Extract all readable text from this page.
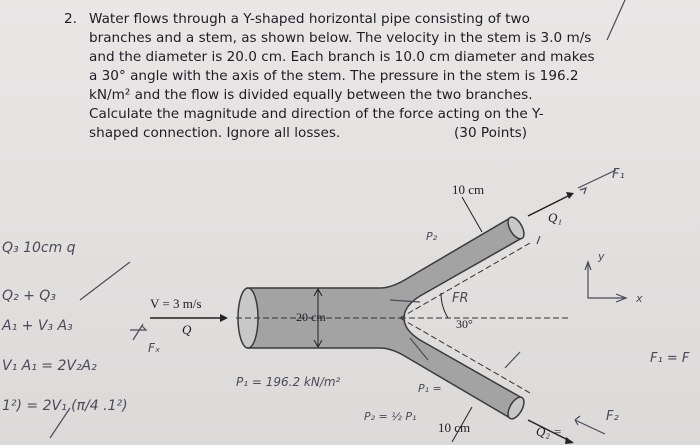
2. Water flows through a Y-shaped horizontal pipe consisting of two
branches and a stem, as shown below. The velocity in the stem is 3.0 m/s
and the diameter is 20.0 cm. Each branch is 10.0 cm diameter and makes
a 30° angle with the axis of the stem. The pressure in the stem is 196.2
kN/m² and the flow is divided equally between the two branches.
Calculate the magnitude and direction of the force acting on the Y-
shaped connection. Ignore all losses.	(30 Points)
10 cm
10 cm
V = 3 m/s
Q
20 cm	30°
Q₁
Q₂ =
Q₃ 10cm q
Q₂ + Q₃
A₁ + V₃ A₃
V₁ A₁ = 2V₂A₂
1²) = 2V₁ (π/4 .1²)
F₁
F₂
F₁ = F
Fₓ
P₁ = 196.2 kN/m²
P₂
P₁ =
P₂ = ½ P₁
FR
y
x
